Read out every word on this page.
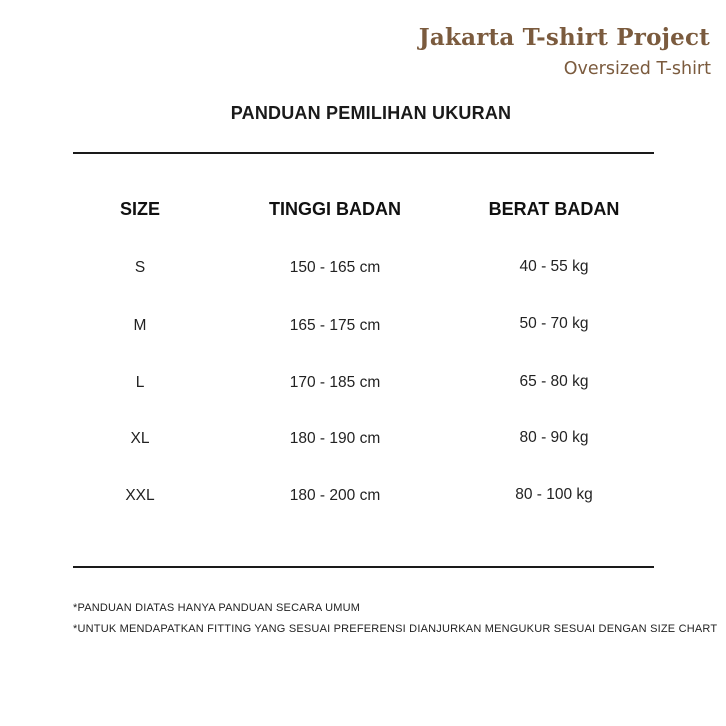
Jakarta T-shirt Project
Oversized T-shirt
PANDUAN PEMILIHAN UKURAN
SIZE	TINGGI BADAN	BERAT BADAN
S	150 - 165 cm	40 - 55 kg
M	165 - 175 cm	50 - 70 kg
L	170 - 185 cm	65 - 80 kg
XL	180 - 190 cm	80 - 90 kg
XXL	180 - 200 cm	80 - 100 kg
*PANDUAN DIATAS HANYA PANDUAN SECARA UMUM
*UNTUK MENDAPATKAN FITTING YANG SESUAI PREFERENSI DIANJURKAN MENGUKUR SESUAI DENGAN SIZE CHART
